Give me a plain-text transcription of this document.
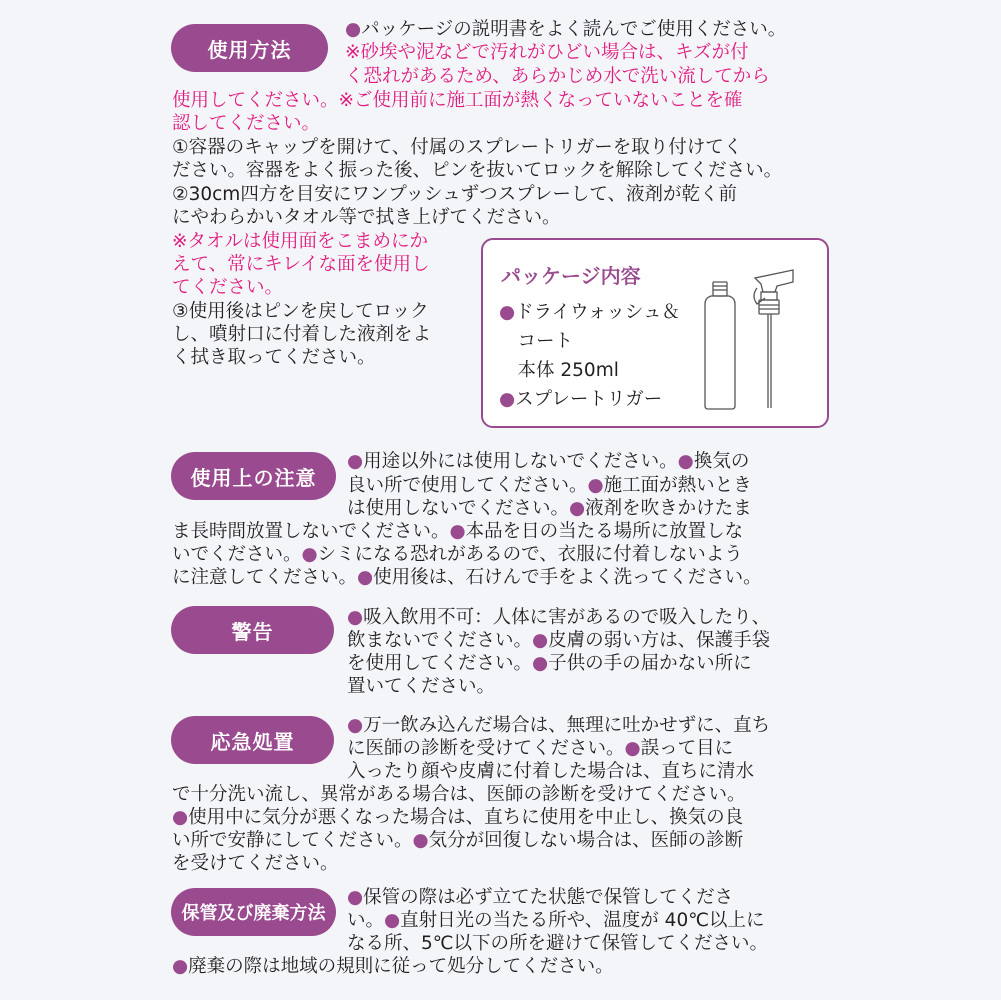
使用方法

●パッケージの説明書をよく読んでご使用ください。

※砂埃や泥などで汚れがひどい場合は、キズが付

く恐れがあるため、あらかじめ水で洗い流してから

使用してください。※ご使用前に施工面が熱くなっていないことを確

認してください。

①容器のキャップを開けて、付属のスプレートリガーを取り付けてく

ださい。容器をよく振った後、ピンを抜いてロックを解除してください。

②30cm四方を目安にワンプッシュずつスプレーして、液剤が乾く前

にやわらかいタオル等で拭き上げてください。

※タオルは使用面をこまめにか

えて、常にキレイな面を使用し

てください。

③使用後はピンを戻してロック

し、噴射口に付着した液剤をよ

く拭き取ってください。

パッケージ内容
●ドライウォッシュ＆
　コート
　本体 250ml
●スプレートリガー
使用上の注意

●用途以外には使用しないでください。●換気の

良い所で使用してください。●施工面が熱いとき

は使用しないでください。●液剤を吹きかけたま

ま長時間放置しないでください。●本品を日の当たる場所に放置しな

いでください。●シミになる恐れがあるので、衣服に付着しないよう

に注意してください。●使用後は、石けんで手をよく洗ってください。

警告

●吸入飲用不可：人体に害があるので吸入したり、

飲まないでください。●皮膚の弱い方は、保護手袋

を使用してください。●子供の手の届かない所に

置いてください。

応急処置

●万一飲み込んだ場合は、無理に吐かせずに、直ち

に医師の診断を受けてください。●誤って目に

入ったり顔や皮膚に付着した場合は、直ちに清水

で十分洗い流し、異常がある場合は、医師の診断を受けてください。

●使用中に気分が悪くなった場合は、直ちに使用を中止し、換気の良

い所で安静にしてください。●気分が回復しない場合は、医師の診断

を受けてください。

保管及び廃棄方法

●保管の際は必ず立てた状態で保管してくださ

い。●直射日光の当たる所や、温度が 40℃以上に

なる所、5℃以下の所を避けて保管してください。

●廃棄の際は地域の規則に従って処分してください。
